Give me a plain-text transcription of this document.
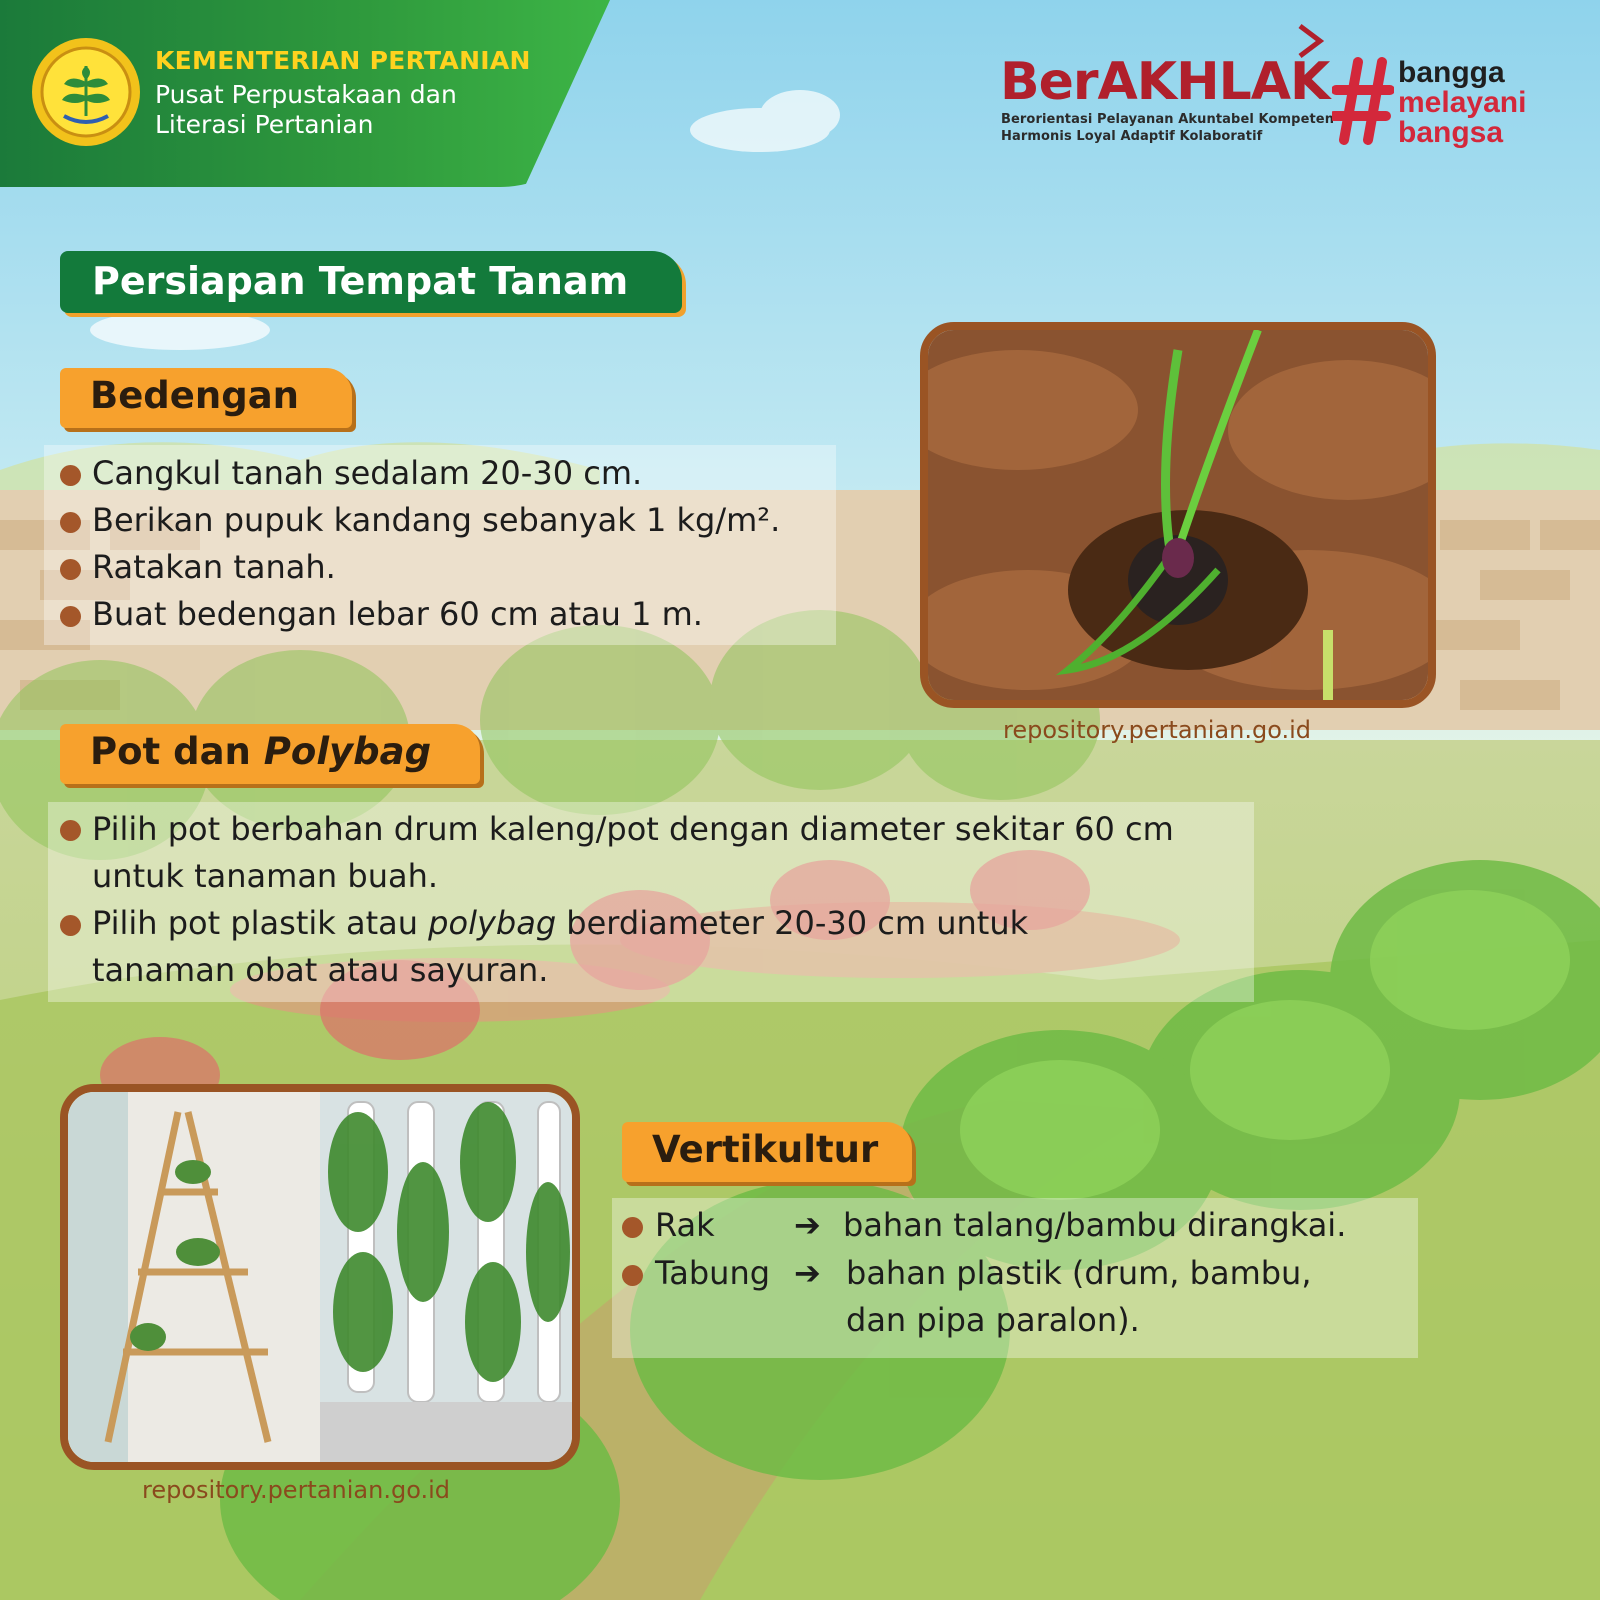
KEMENTERIAN PERTANIAN
Pusat Perpustakaan dan
Literasi Pertanian
BerAKHLAK
Berorientasi Pelayanan Akuntabel Kompeten
Harmonis Loyal Adaptif Kolaboratif
bangga
melayani
bangsa
Persiapan Tempat Tanam
Bedengan
Cangkul tanah sedalam 20-30 cm.
Berikan pupuk kandang sebanyak 1 kg/m².
Ratakan tanah.
Buat bedengan lebar 60 cm atau 1 m.
repository.pertanian.go.id
Pot dan Polybag
Pilih pot berbahan drum kaleng/pot dengan diameter sekitar 60 cm
untuk tanaman buah.
Pilih pot plastik atau polybag berdiameter 20-30 cm untuk
tanaman obat atau sayuran.
repository.pertanian.go.id
Vertikultur
Rak ➔ bahan talang/bambu dirangkai.
Tabung ➔ bahan plastik (drum, bambu,
dan pipa paralon).
